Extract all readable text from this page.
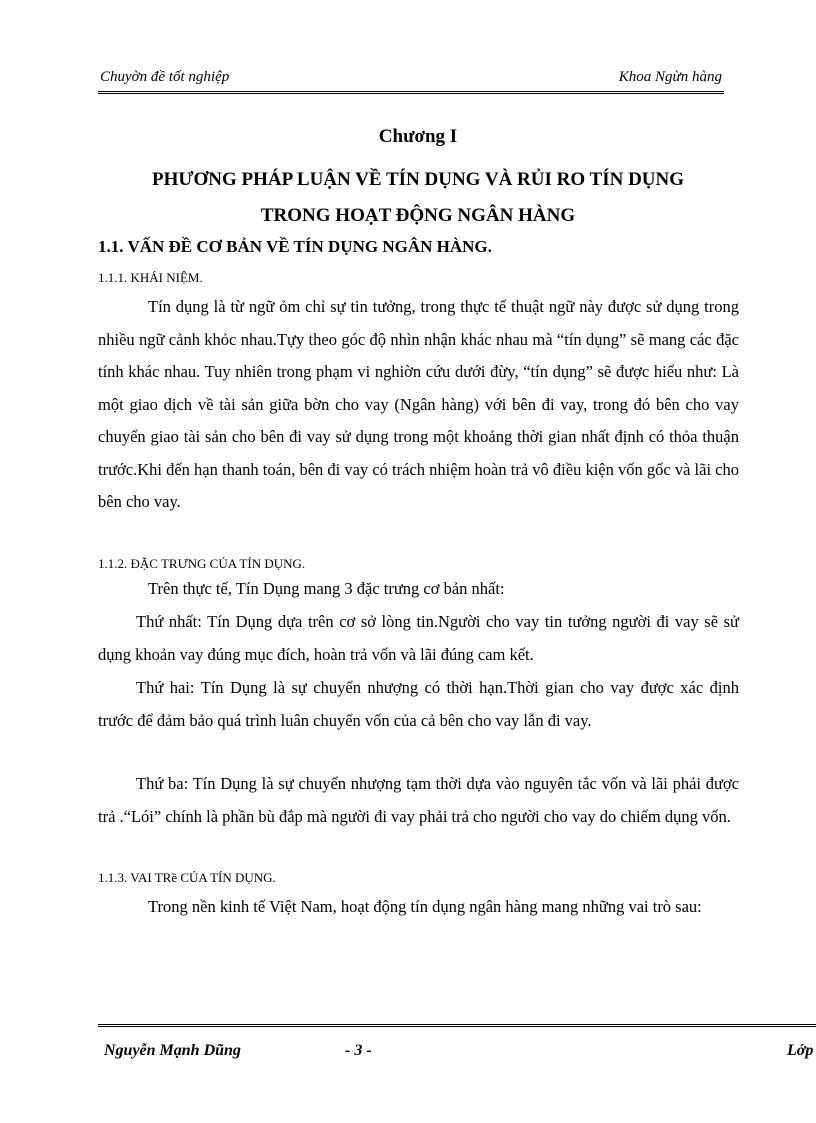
Chuyờn đề tốt nghiệp	Khoa Ngừn hàng
Chương I
PHƯƠNG PHÁP LUẬN VỀ TÍN DỤNG VÀ RỦI RO TÍN DỤNG
TRONG HOẠT ĐỘNG NGÂN HÀNG
1.1. VẤN ĐỀ CƠ BẢN VỀ TÍN DỤNG NGÂN HÀNG.
1.1.1. KHÁI NIỆM.

Tín dụng là từ ngữ ỏm chỉ sự tin tưởng, trong thực tế thuật ngữ này được sử dụng trong nhiều ngữ cảnh khỏc nhau.Tựy theo góc độ nhìn nhận khác nhau mà “tín dụng” sẽ mang các đặc tính khác nhau. Tuy nhiên trong phạm vi nghiờn cứu dưới đừy, “tín dụng” sẽ được hiểu như: Là một giao dịch về tài sản giữa bờn cho vay (Ngân hàng) với bên đi vay, trong đó bên cho vay chuyển giao tài sản cho bên đi vay sử dụng trong một khoảng thời gian nhất định có thỏa thuận trước.Khi đến hạn thanh toán, bên đi vay có trách nhiệm hoàn trả vô điều kiện vốn gốc và lãi cho bên cho vay.

1.1.2. ĐẶC TRƯNG CỦA TÍN DỤNG.

Trên thực tế, Tín Dụng mang 3 đặc trưng cơ bản nhất:

Thứ nhất: Tín Dụng dựa trên cơ sở lòng tin.Người cho vay tin tưởng người đi vay sẽ sử dụng khoản vay đúng mục đích, hoàn trả vốn và lãi đúng cam kết.

Thứ hai: Tín Dụng là sự chuyển nhượng có thời hạn.Thời gian cho vay được xác định trước để đảm bảo quá trình luân chuyển vốn của cả bên cho vay lẫn đi vay.

Thứ ba: Tín Dụng là sự chuyển nhượng tạm thời dựa vào nguyên tắc vốn và lãi phải được trả .“Lói” chính là phần bù đắp mà người đi vay phải trả cho người cho vay do chiếm dụng vốn.

1.1.3. VAI TRề CỦA TÍN DỤNG.

Trong nền kinh tế Việt Nam, hoạt động tín dụng ngân hàng mang những vai trò sau:

Nguyễn Mạnh Dũng	- 3 -	Lớp
